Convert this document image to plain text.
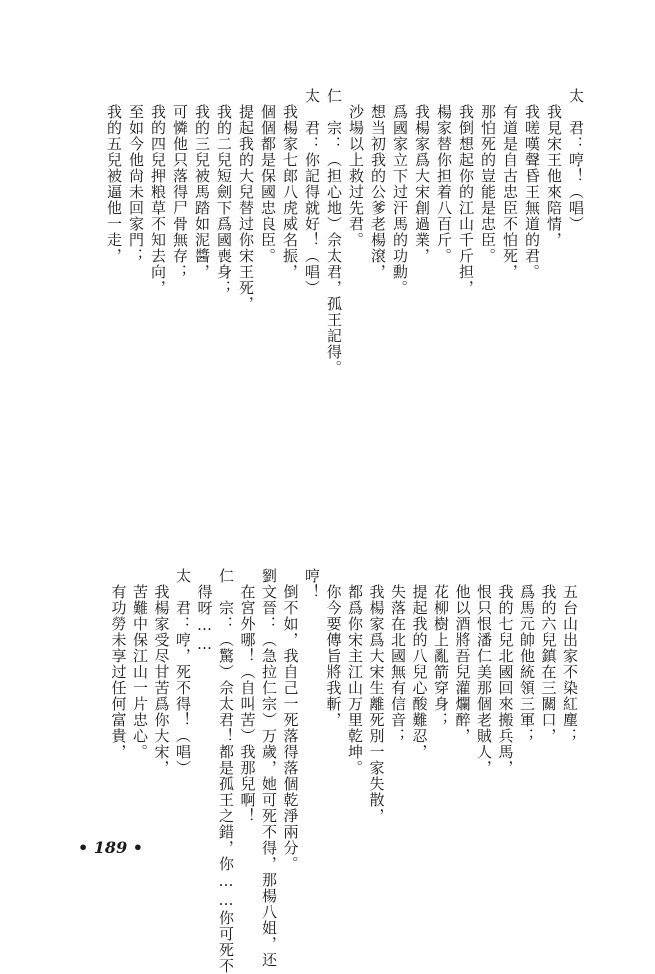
太　君：哼！（唱）
　我見宋王他來陪情，
　我嗟嘆聲昏王無道的君。
　有道是自古忠臣不怕死，
　那怕死的豈能是忠臣。
　我倒想起你的江山千斤担，
　楊家替你担着八百斤。
　我楊家爲大宋創過業，
　爲國家立下过汗馬的功勳。
　想当初我的公爹老楊滾，
　沙場以上救过先君。
仁　宗：（担心地）佘太君，孤王記得。
太　君：你記得就好！（唱）
　我楊家七郎八虎威名振，
　個個都是保國忠良臣。
　提起我的大兒替过你宋王死，
　我的二兒短劍下爲國喪身；
　我的三兒被馬踏如泥醬，
　可憐他只落得尸骨無存；
　我的四兒押粮草不知去向，
　至如今他尙未回家門；
　我的五兒被逼他一走，
　五台山出家不染紅塵；
　我的六兒鎮在三關口，
　爲馬元帥他統領三軍；
　我的七兒北國回來搬兵馬，
　恨只恨潘仁美那個老賊人，
　他以酒將吾兒灌爛醉，
　花柳樹上亂箭穿身；
　提起我的八兒心酸難忍，
　失落在北國無有信音；
　我楊家爲大宋生離死別一家失散，
　都爲你宋主江山万里乾坤。
　你今要傳旨將我斬，
哼！
　倒不如，我自己一死落得落個乾淨兩分。
劉文晉：（急拉仁宗）万歲，她可死不得，那楊八姐，还
　在宮外哪！（自叫苦）我那兒啊！
仁　宗：（驚）佘太君！都是孤王之錯，你……你可死不
　得呀……
太　君：哼，死不得！（唱）
　我楊家受尽甘苦爲你大宋，
　苦難中保江山一片忠心。
　有功勞未享过任何富貴，
• 189 •
